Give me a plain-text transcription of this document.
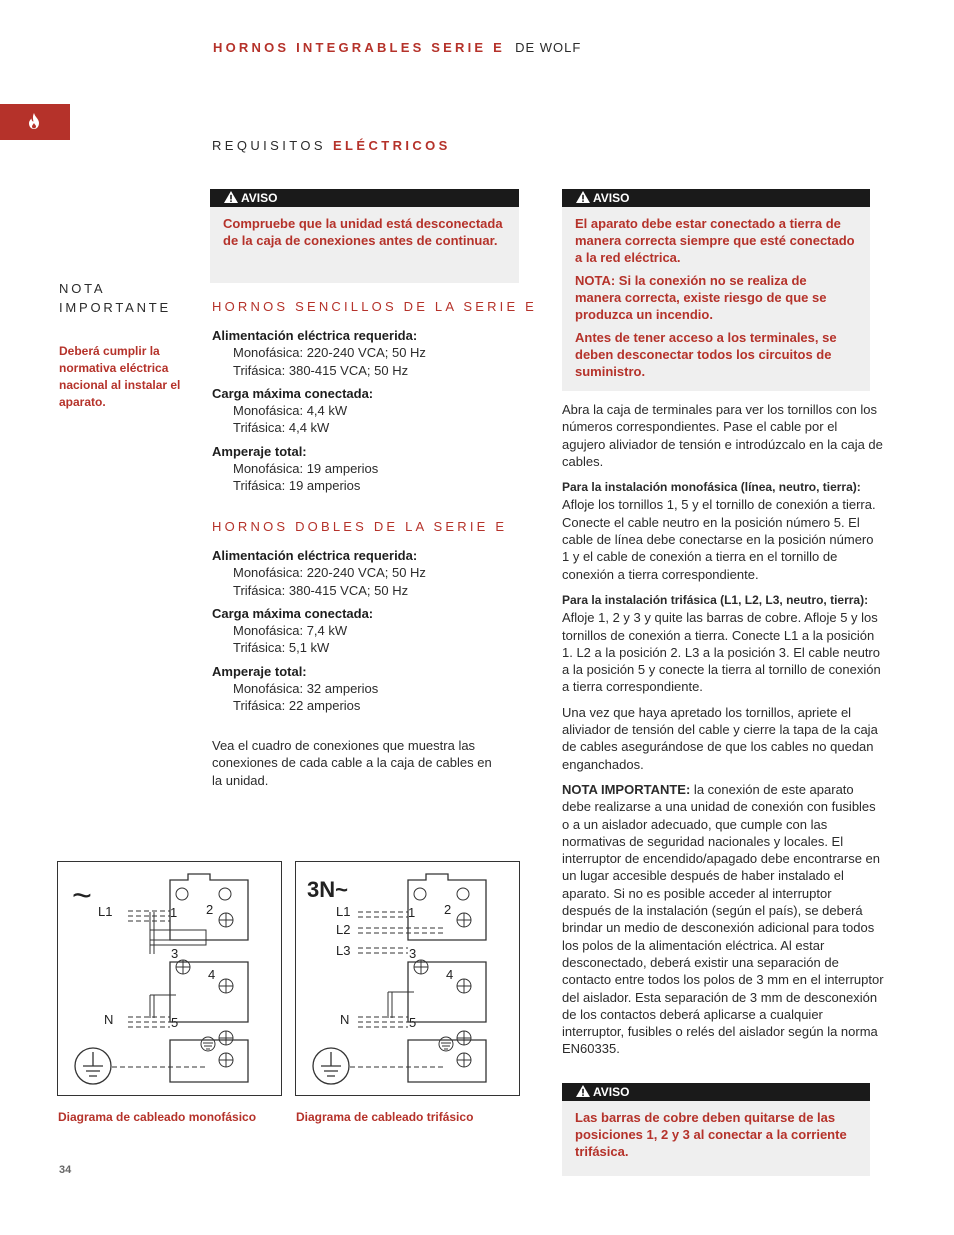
HORNOS INTEGRABLES SERIE E DE WOLF
REQUISITOS ELÉCTRICOS
NOTA
IMPORTANTE
Deberá cumplir la normativa eléctrica nacional al instalar el aparato.
AVISO

Compruebe que la unidad está desconectada de la caja de conexiones antes de continuar.

HORNOS SENCILLOS DE LA SERIE E
Alimentación eléctrica requerida:
Monofásica: 220-240 VCA; 50 Hz
Trifásica: 380-415 VCA; 50 Hz
Carga máxima conectada:
Monofásica: 4,4 kW
Trifásica: 4,4 kW
Amperaje total:
Monofásica: 19 amperios
Trifásica: 19 amperios
HORNOS DOBLES DE LA SERIE E
Alimentación eléctrica requerida:
Monofásica: 220-240 VCA; 50 Hz
Trifásica: 380-415 VCA; 50 Hz
Carga máxima conectada:
Monofásica: 7,4 kW
Trifásica: 5,1 kW
Amperaje total:
Monofásica: 32 amperios
Trifásica: 22 amperios
Vea el cuadro de conexiones que muestra las conexiones de cada cable a la caja de cables en la unidad.
AVISO

El aparato debe estar conectado a tierra de manera correcta siempre que esté conectado a la red eléctrica.

NOTA: Si la conexión no se realiza de manera correcta, existe riesgo de que se produzca un incendio.

Antes de tener acceso a los terminales, se deben desconectar todos los circuitos de suministro.

Abra la caja de terminales para ver los tornillos con los números correspondientes. Pase el cable por el agujero aliviador de tensión e introdúzcalo en la caja de cables.

Para la instalación monofásica (línea, neutro, tierra): Afloje los tornillos 1, 5 y el tornillo de conexión a tierra. Conecte el cable neutro en la posición número 5. El cable de línea debe conectarse en la posición número 1 y el cable de conexión a tierra en el tornillo de conexión a tierra correspondiente.

Para la instalación trifásica (L1, L2, L3, neutro, tierra): Afloje 1, 2 y 3 y quite las barras de cobre. Afloje 5 y los tornillos de conexión a tierra. Conecte L1 a la posición 1. L2 a la posición 2. L3 a la posición 3. El cable neutro a la posición 5 y conecte la tierra al tornillo de conexión a tierra correspondiente.

Una vez que haya apretado los tornillos, apriete el aliviador de tensión del cable y cierre la tapa de la caja de cables asegurándose de que los cables no quedan enganchados.

NOTA IMPORTANTE: la conexión de este aparato debe realizarse a una unidad de conexión con fusibles o a un aislador adecuado, que cumple con las normativas de seguridad nacionales y locales. El interruptor de encendido/apagado debe encontrarse en un lugar accesible después de haber instalado el aparato. Si no es posible acceder al interruptor después de la instalación (según el país), se deberá brindar un medio de desconexión adicional para todos los polos de la alimentación eléctrica. Al estar desconectado, deberá existir una separación de contacto entre todos los polos de 3 mm en el interruptor del aislador. Esta separación de 3 mm de desconexión de los contactos deberá aplicarse a cualquier interruptor, fusibles o relés del aislador según la norma EN60335.

AVISO

Las barras de cobre deben quitarse de las posiciones 1, 2 y 3 al conectar a la corriente trifásica.

~ L1
N
1 2
3
4
5
Diagrama de cableado monofásico
3N~
L1
L2
L3
N
1 2
3
4
5
Diagrama de cableado trifásico
34
